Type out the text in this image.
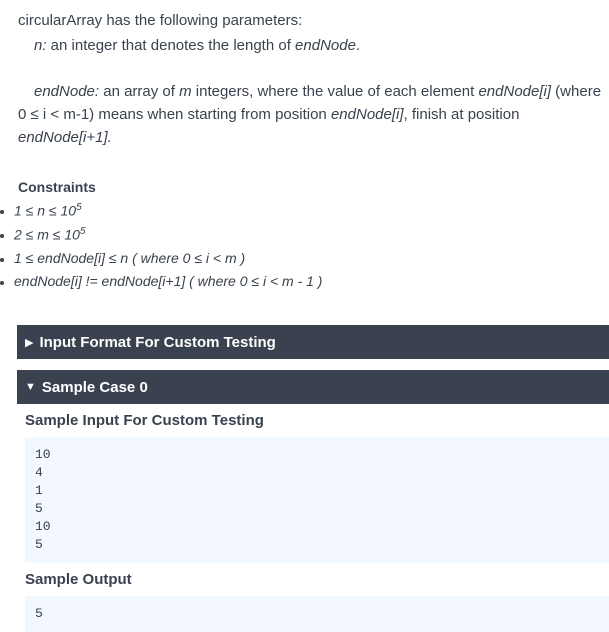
circularArray has the following parameters:
n: an integer that denotes the length of endNode.
endNode: an array of m integers, where the value of each element endNode[i] (where
0 ≤ i < m-1) means when starting from position endNode[i], finish at position
endNode[i+1].
Constraints
$1 \le n \le 10^5$
$2 \le m \le 10^5$
1 ≤ endNode[i] ≤ n ( where 0 ≤ i < m )
endNode[i] != endNode[i+1] ( where 0 ≤ i < m - 1 )
▶ Input Format For Custom Testing
▼ Sample Case 0
Sample Input For Custom Testing
10
4
1
5
10
5
Sample Output
5
